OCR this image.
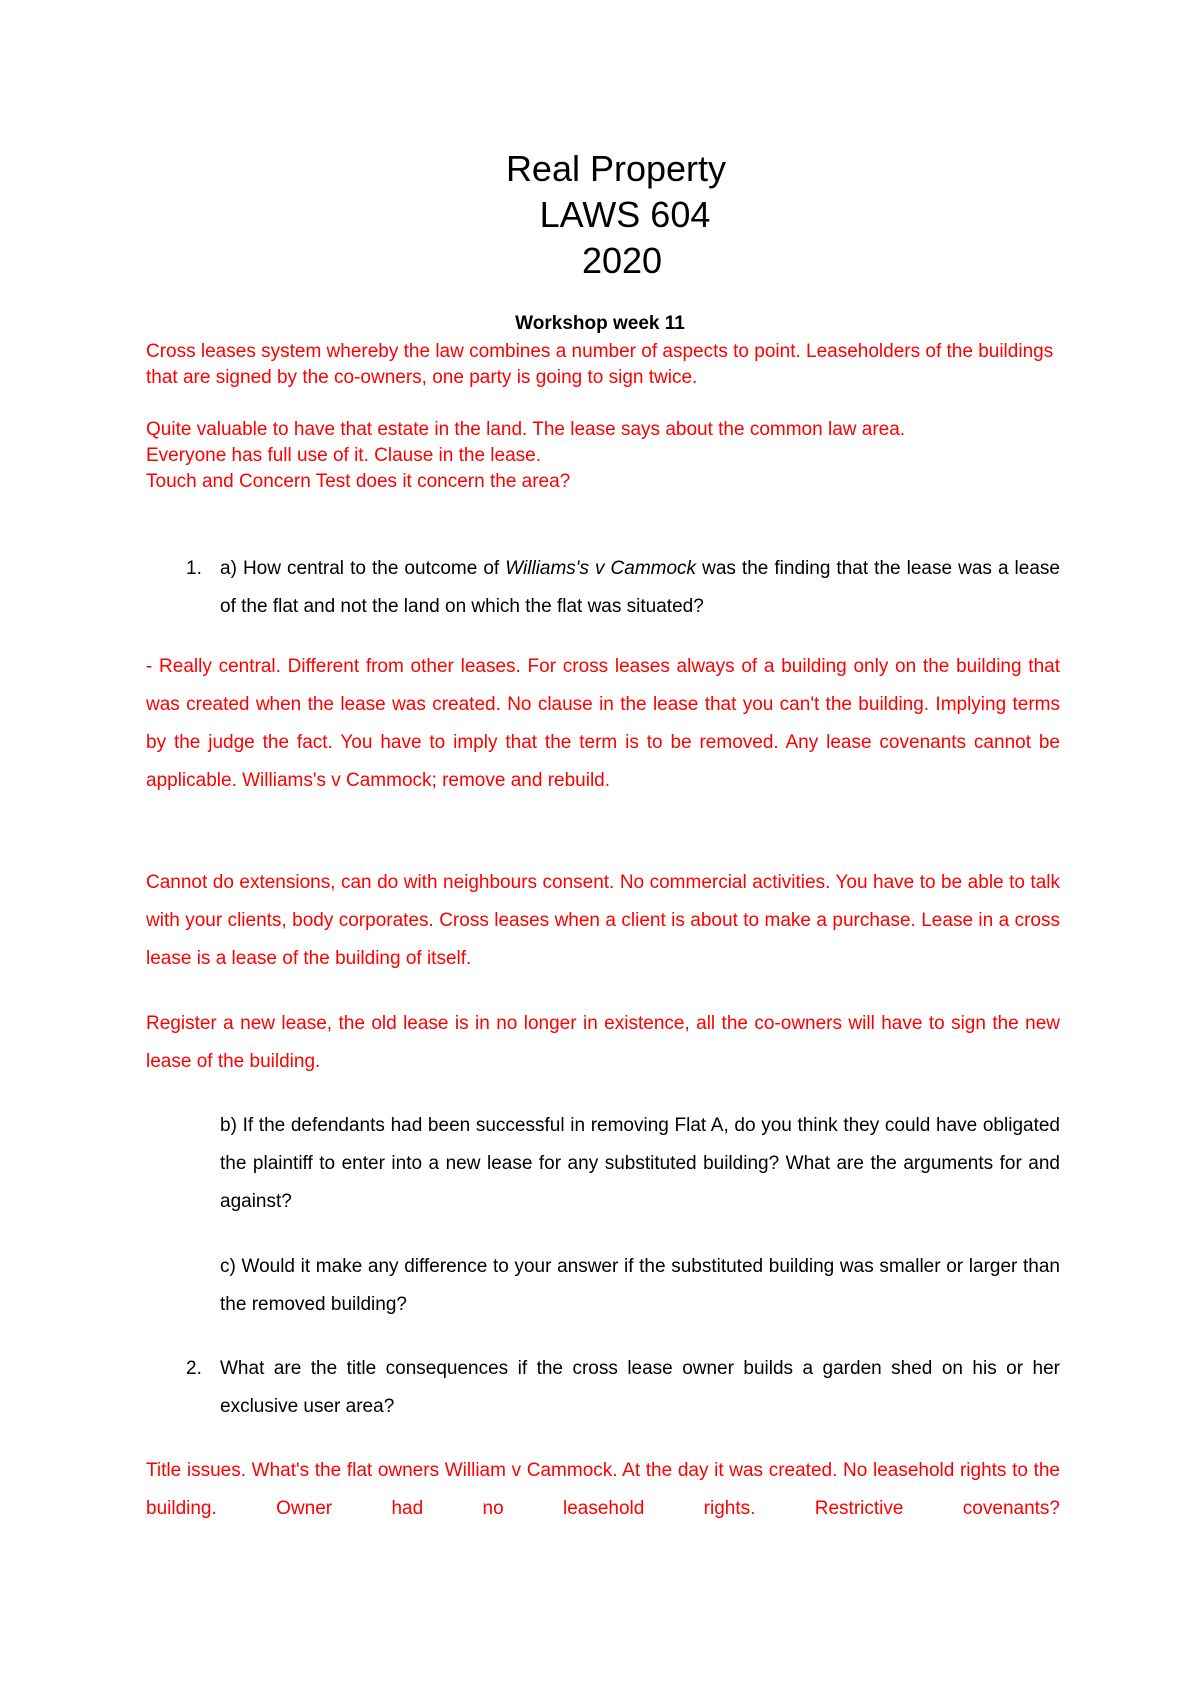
Real Property
LAWS 604
2020
Workshop week 11

Cross leases system whereby the law combines a number of aspects to point. Leaseholders of the buildings that are signed by the co-owners, one party is going to sign twice.

Quite valuable to have that estate in the land. The lease says about the common law area.
Everyone has full use of it. Clause in the lease.
Touch and Concern Test does it concern the area?
1. a) How central to the outcome of Williams's v Cammock was the finding that the lease was a lease of the flat and not the land on which the flat was situated?

- Really central. Different from other leases. For cross leases always of a building only on the building that was created when the lease was created. No clause in the lease that you can't the building. Implying terms by the judge the fact. You have to imply that the term is to be removed. Any lease covenants cannot be applicable. Williams's v Cammock; remove and rebuild.

Cannot do extensions, can do with neighbours consent. No commercial activities. You have to be able to talk with your clients, body corporates. Cross leases when a client is about to make a purchase. Lease in a cross lease is a lease of the building of itself.

Register a new lease, the old lease is in no longer in existence, all the co-owners will have to sign the new lease of the building.

b) If the defendants had been successful in removing Flat A, do you think they could have obligated the plaintiff to enter into a new lease for any substituted building? What are the arguments for and against?

c) Would it make any difference to your answer if the substituted building was smaller or larger than the removed building?

2. What are the title consequences if the cross lease owner builds a garden shed on his or her exclusive user area?

Title issues. What's the flat owners William v Cammock. At the day it was created. No leasehold rights to the building. Owner had no leasehold rights. Restrictive covenants?
